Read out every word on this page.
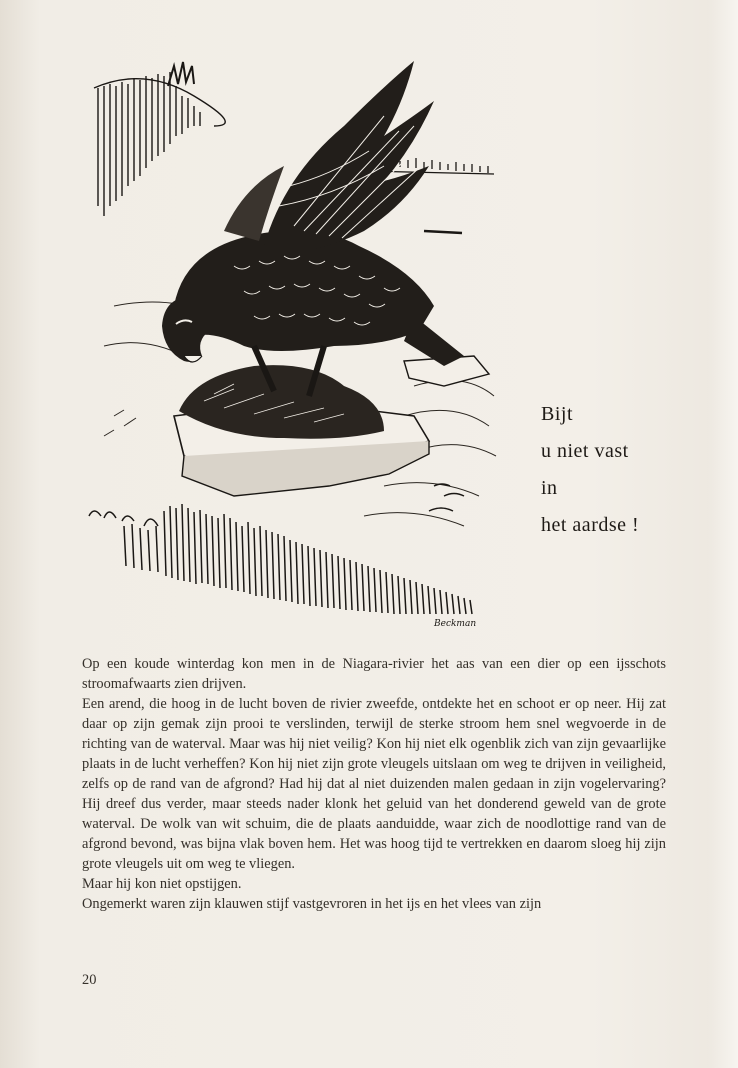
Beckman
Bijt
u niet vast
in
het aardse !

Op een koude winterdag kon men in de Niagara-rivier het aas van een dier op een ijsschots stroomafwaarts zien drijven.

Een arend, die hoog in de lucht boven de rivier zweefde, ontdekte het en schoot er op neer. Hij zat daar op zijn gemak zijn prooi te verslinden, terwijl de sterke stroom hem snel wegvoerde in de richting van de waterval. Maar was hij niet veilig? Kon hij niet elk ogenblik zich van zijn gevaarlijke plaats in de lucht verheffen? Kon hij niet zijn grote vleugels uitslaan om weg te drijven in veiligheid, zelfs op de rand van de afgrond? Had hij dat al niet duizenden malen gedaan in zijn vogelervaring? Hij dreef dus verder, maar steeds nader klonk het geluid van het donderend geweld van de grote waterval. De wolk van wit schuim, die de plaats aanduidde, waar zich de noodlottige rand van de afgrond bevond, was bijna vlak boven hem. Het was hoog tijd te vertrekken en daarom sloeg hij zijn grote vleugels uit om weg te vliegen.

Maar hij kon niet opstijgen.

Ongemerkt waren zijn klauwen stijf vastgevroren in het ijs en het vlees van zijn

20
